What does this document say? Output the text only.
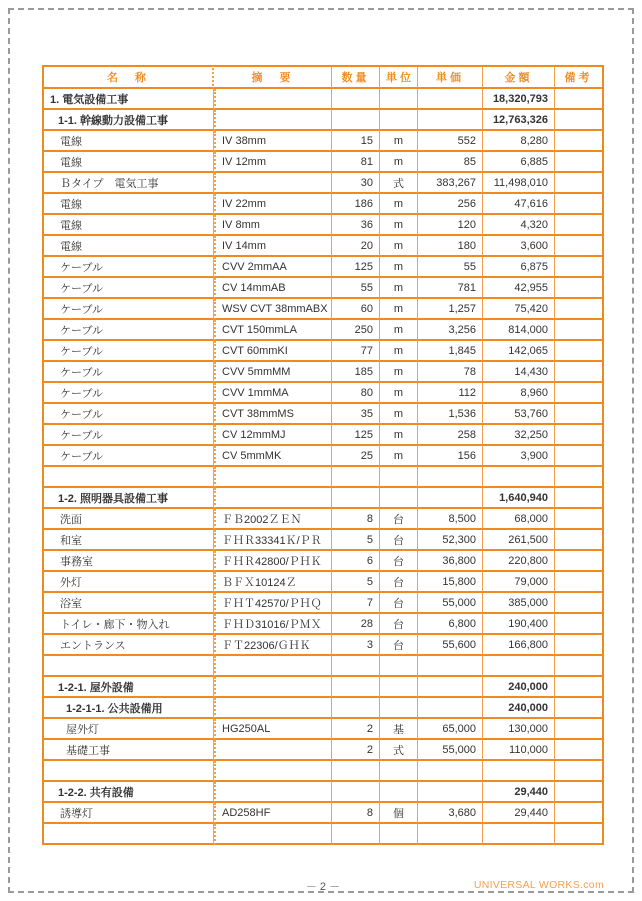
名　称	摘　要	数量	単位	単価	金額	備考
1. 電気設備工事					18,320,793	
1-1. 幹線動力設備工事					12,763,326	
電線	IV 38mm	15	m	552	8,280	
電線	IV 12mm	81	m	85	6,885	
Ｂタイプ　電気工事		30	式	383,267	11,498,010	
電線	IV 22mm	186	m	256	47,616	
電線	IV 8mm	36	m	120	4,320	
電線	IV 14mm	20	m	180	3,600	
ケーブル	CVV 2mmAA	125	m	55	6,875	
ケーブル	CV 14mmAB	55	m	781	42,955	
ケーブル	WSV CVT 38mmABX	60	m	1,257	75,420	
ケーブル	CVT 150mmLA	250	m	3,256	814,000	
ケーブル	CVT 60mmKI	77	m	1,845	142,065	
ケーブル	CVV 5mmMM	185	m	78	14,430	
ケーブル	CVV 1mmMA	80	m	112	8,960	
ケーブル	CVT 38mmMS	35	m	1,536	53,760	
ケーブル	CV 12mmMJ	125	m	258	32,250	
ケーブル	CV 5mmMK	25	m	156	3,900	

1-2. 照明器具設備工事					1,640,940	
洗面	ＦＢ2002ＺＥＮ	8	台	8,500	68,000	
和室	ＦＨＲ33341Ｋ/ＰＲ	5	台	52,300	261,500	
事務室	ＦＨＲ42800/ＰＨＫ	6	台	36,800	220,800	
外灯	ＢＦＸ10124Ｚ	5	台	15,800	79,000	
浴室	ＦＨＴ42570/ＰＨＱ	7	台	55,000	385,000	
トイレ・廊下・物入れ	ＦＨＤ31016/ＰＭＸ	28	台	6,800	190,400	
エントランス	ＦＴ22306/ＧＨＫ	3	台	55,600	166,800	

1-2-1. 屋外設備					240,000	
1-2-1-1. 公共設備用					240,000	
屋外灯	HG250AL	2	基	65,000	130,000	
基礎工事		2	式	55,000	110,000	

1-2-2. 共有設備					29,440	
誘導灯	AD258HF	8	個	3,680	29,440	

－ 2 －	UNIVERSAL WORKS.com
